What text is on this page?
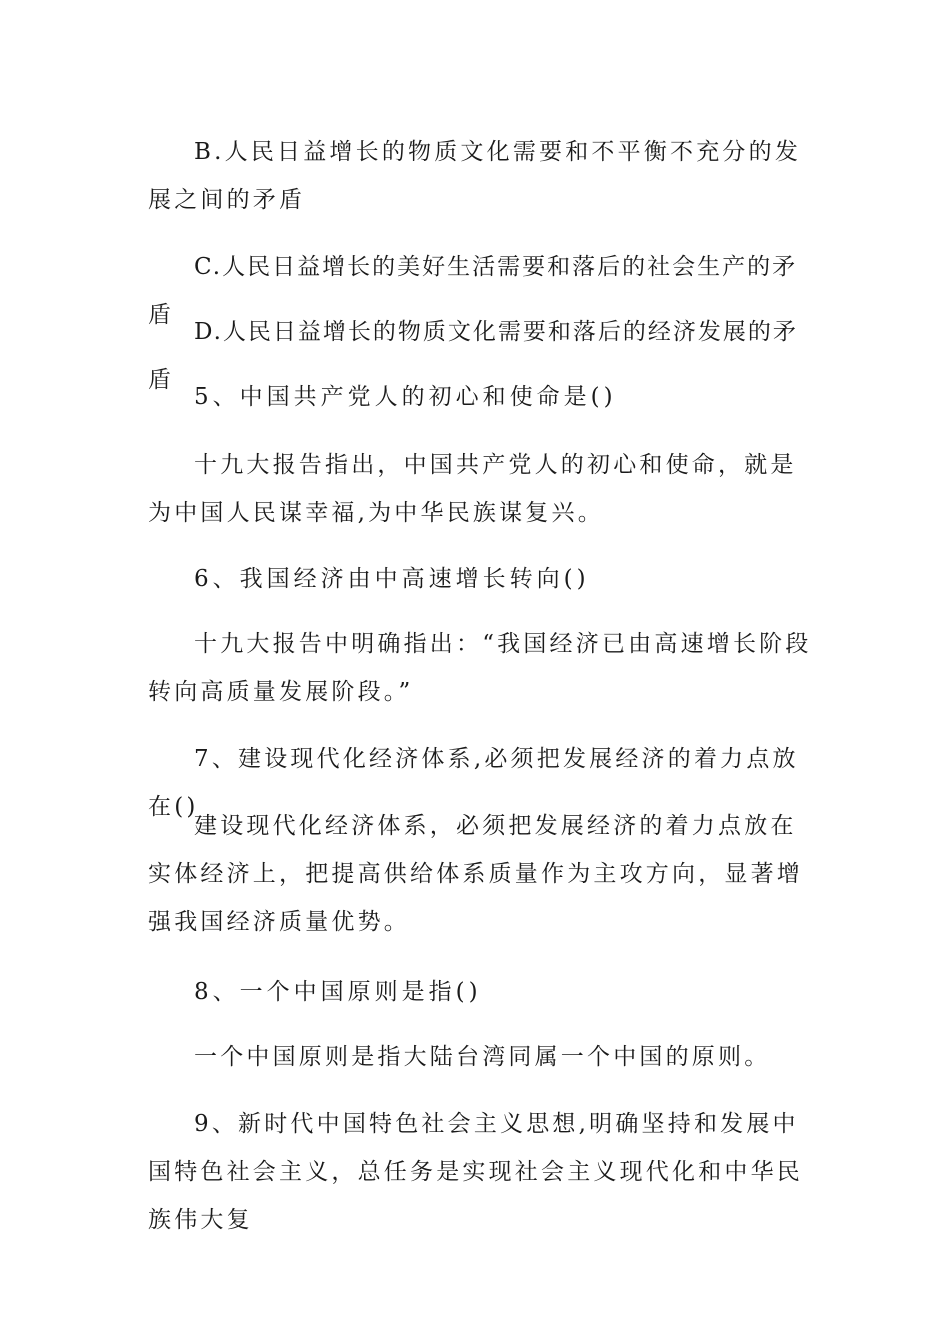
B.人民日益增长的物质文化需要和不平衡不充分的发展之间的矛盾

C.人民日益增长的美好生活需要和落后的社会生产的矛盾

D.人民日益增长的物质文化需要和落后的经济发展的矛盾

5、中国共产党人的初心和使命是()

十九大报告指出，中国共产党人的初心和使命，就是为中国人民谋幸福,为中华民族谋复兴。

6、我国经济由中高速增长转向()

十九大报告中明确指出：“我国经济已由高速增长阶段转向高质量发展阶段。”

7、建设现代化经济体系,必须把发展经济的着力点放在()

建设现代化经济体系，必须把发展经济的着力点放在实体经济上，把提高供给体系质量作为主攻方向，显著增强我国经济质量优势。

8、一个中国原则是指()

一个中国原则是指大陆台湾同属一个中国的原则。

9、新时代中国特色社会主义思想,明确坚持和发展中国特色社会主义，总任务是实现社会主义现代化和中华民族伟大复
